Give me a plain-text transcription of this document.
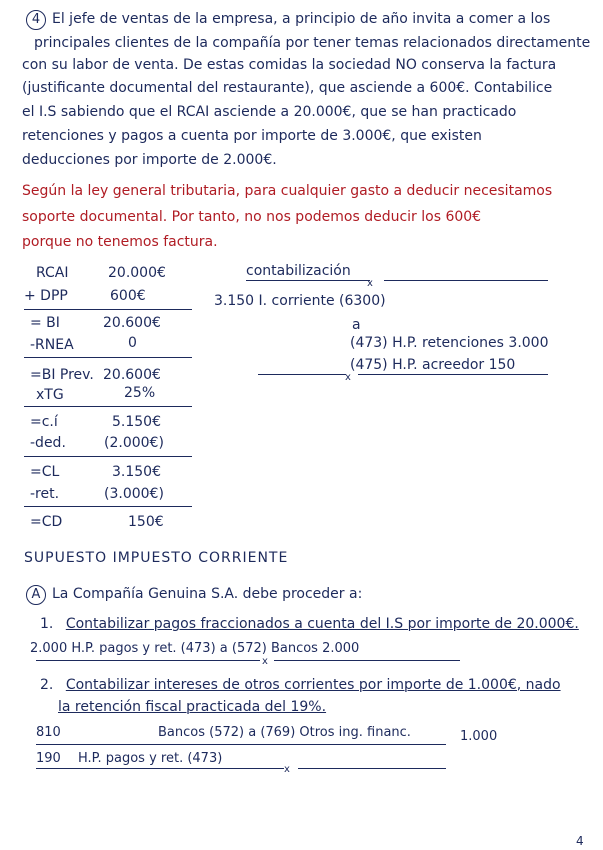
4 El jefe de ventas de la empresa, a principio de año invita a comer a los
principales clientes de la compañía por tener temas relacionados directamente
con su labor de venta. De estas comidas la sociedad NO conserva la factura
(justificante documental del restaurante), que asciende a 600€. Contabilice
el I.S sabiendo que el RCAI asciende a 20.000€, que se han practicado
retenciones y pagos a cuenta por importe de 3.000€, que existen
deducciones por importe de 2.000€.
Según la ley general tributaria, para cualquier gasto a deducir necesitamos
soporte documental. Por tanto, no nos podemos deducir los 600€
porque no tenemos factura.
RCAI	20.000€
+ DPP	600€
= BI	20.600€
-RNEA	0
=BI Prev. 20.600€
xTG	25%
=c.í	5.150€
-ded.	(2.000€)
=CL	3.150€
-ret.	(3.000€)
=CD	150€
contabilización
x
3.150 I. corriente (6300)
a
(473) H.P. retenciones 3.000
(475) H.P. acreedor 150
x
SUPUESTO IMPUESTO CORRIENTE
A La Compañía Genuina S.A. debe proceder a:
1. Contabilizar pagos fraccionados a cuenta del I.S por importe de 20.000€.
2.000 H.P. pagos y ret. (473) a (572) Bancos 2.000
x
2. Contabilizar intereses de otros corrientes por importe de 1.000€, nado
la retención fiscal practicada del 19%.
810	Bancos (572) a (769) Otros ing. financ.	1.000
190 H.P. pagos y ret. (473)
x
4
